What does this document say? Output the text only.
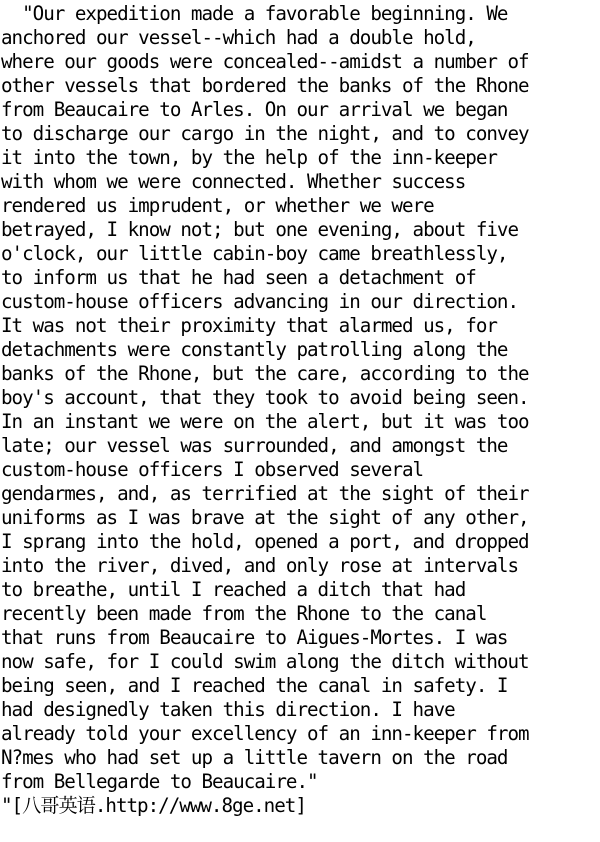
"Our expedition made a favorable beginning. We
anchored our vessel--which had a double hold,
where our goods were concealed--amidst a number of
other vessels that bordered the banks of the Rhone
from Beaucaire to Arles. On our arrival we began
to discharge our cargo in the night, and to convey
it into the town, by the help of the inn-keeper
with whom we were connected. Whether success
rendered us imprudent, or whether we were
betrayed, I know not; but one evening, about five
o'clock, our little cabin-boy came breathlessly,
to inform us that he had seen a detachment of
custom-house officers advancing in our direction.
It was not their proximity that alarmed us, for
detachments were constantly patrolling along the
banks of the Rhone, but the care, according to the
boy's account, that they took to avoid being seen.
In an instant we were on the alert, but it was too
late; our vessel was surrounded, and amongst the
custom-house officers I observed several
gendarmes, and, as terrified at the sight of their
uniforms as I was brave at the sight of any other,
I sprang into the hold, opened a port, and dropped
into the river, dived, and only rose at intervals
to breathe, until I reached a ditch that had
recently been made from the Rhone to the canal
that runs from Beaucaire to Aigues-Mortes. I was
now safe, for I could swim along the ditch without
being seen, and I reached the canal in safety. I
had designedly taken this direction. I have
already told your excellency of an inn-keeper from
N?mes who had set up a little tavern on the road
from Bellegarde to Beaucaire."
"[八哥英语.http://www.8ge.net]
